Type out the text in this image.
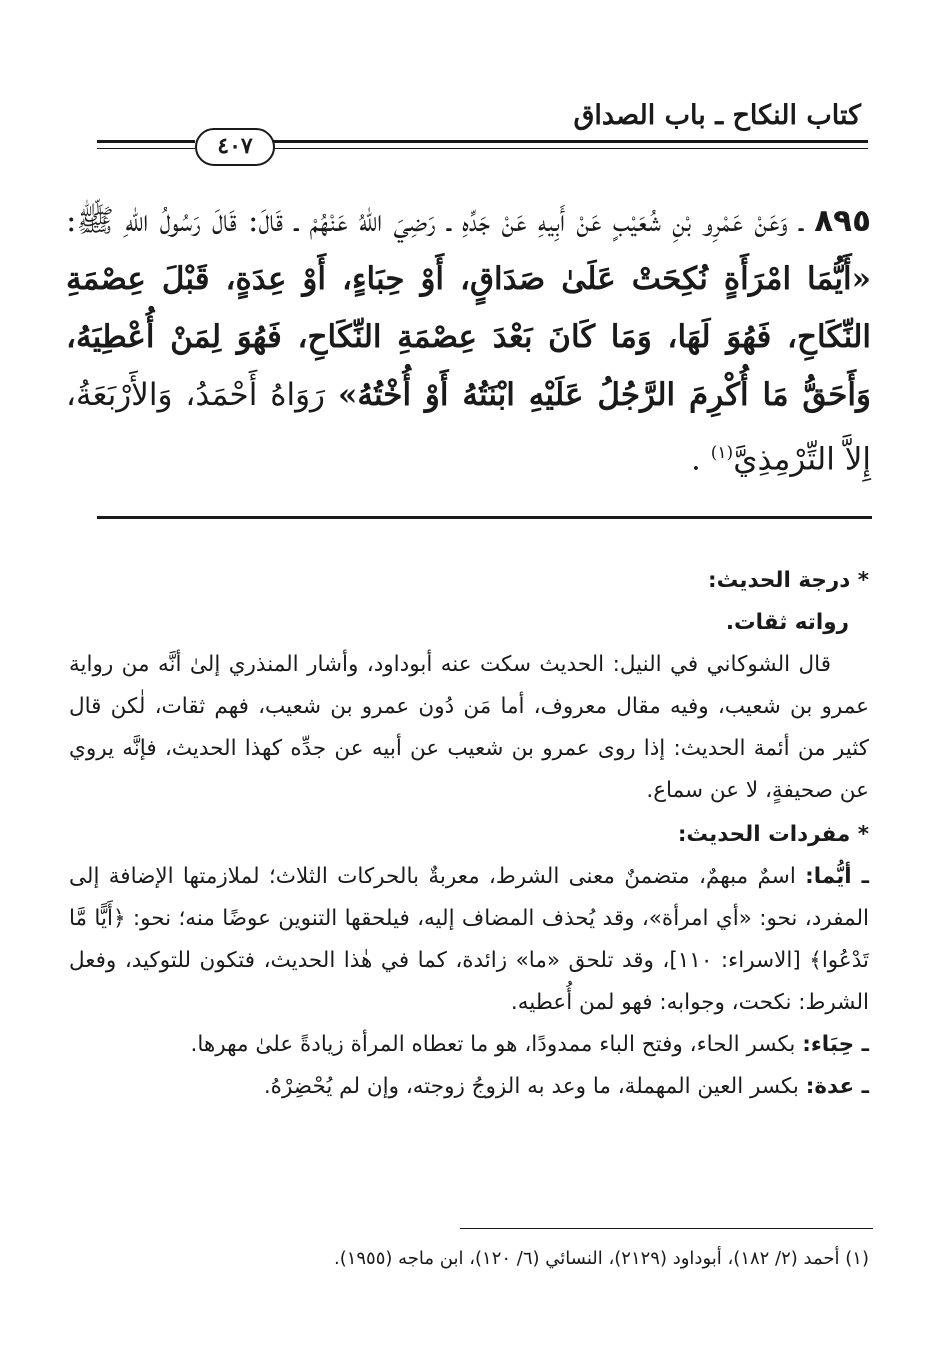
كتاب النكاح ـ باب الصداق
٤٠٧
٨٩٥ ـ وَعَنْ عَمْرِو بْنِ شُعَيْبٍ عَنْ أَبِيهِ عَنْ جَدِّهِ ـ رَضِيَ اللهُ عَنْهُمْ ـ قَالَ: قَالَ رَسُولُ اللهِ ﷺ: «أَيُّمَا امْرَأَةٍ نُكِحَتْ عَلَىٰ صَدَاقٍ، أَوْ حِبَاءٍ، أَوْ عِدَةٍ، قَبْلَ عِصْمَةِ النِّكَاحِ، فَهُوَ لَهَا، وَمَا كَانَ بَعْدَ عِصْمَةِ النِّكَاحِ، فَهُوَ لِمَنْ أُعْطِيَهُ، وَأَحَقُّ مَا أُكْرِمَ الرَّجُلُ عَلَيْهِ ابْنَتُهُ أَوْ أُخْتُهُ» رَوَاهُ أَحْمَدُ، وَالأَرْبَعَةُ، إِلاَّ التِّرْمِذِيَّ$^{(١)}$ .

* درجة الحديث:

رواته ثقات.

قال الشوكاني في النيل: الحديث سكت عنه أبوداود، وأشار المنذري إلىٰ أنَّه من رواية عمرو بن شعيب، وفيه مقال معروف، أما مَن دُون عمرو بن شعيب، فهم ثقات، لٰكن قال كثير من أئمة الحديث: إذا روى عمرو بن شعيب عن أبيه عن جدِّه كهذا الحديث، فإنَّه يروي عن صحيفةٍ، لا عن سماع.

* مفردات الحديث:

ـ أيُّما: اسمٌ مبهمٌ، متضمنٌ معنى الشرط، معربةٌ بالحركات الثلاث؛ لملازمتها الإضافة إلى المفرد، نحو: «أي امرأة»، وقد يُحذف المضاف إليه، فيلحقها التنوين عوضًا منه؛ نحو: ﴿أَيًّا مَّا تَدْعُوا﴾ [الاسراء: ١١٠]، وقد تلحق «ما» زائدة، كما في هٰذا الحديث، فتكون للتوكيد، وفعل الشرط: نكحت، وجوابه: فهو لمن أُعطيه.

ـ حِبَاء: بكسر الحاء، وفتح الباء ممدودًا، هو ما تعطاه المرأة زيادةً علىٰ مهرها.

ـ عدة: بكسر العين المهملة، ما وعد به الزوجُ زوجته، وإن لم يُحْضِرْهُ.

(١) أحمد (٢/ ١٨٢)، أبوداود (٢١٢٩)، النسائي (٦/ ١٢٠)، ابن ماجه (١٩٥٥).
